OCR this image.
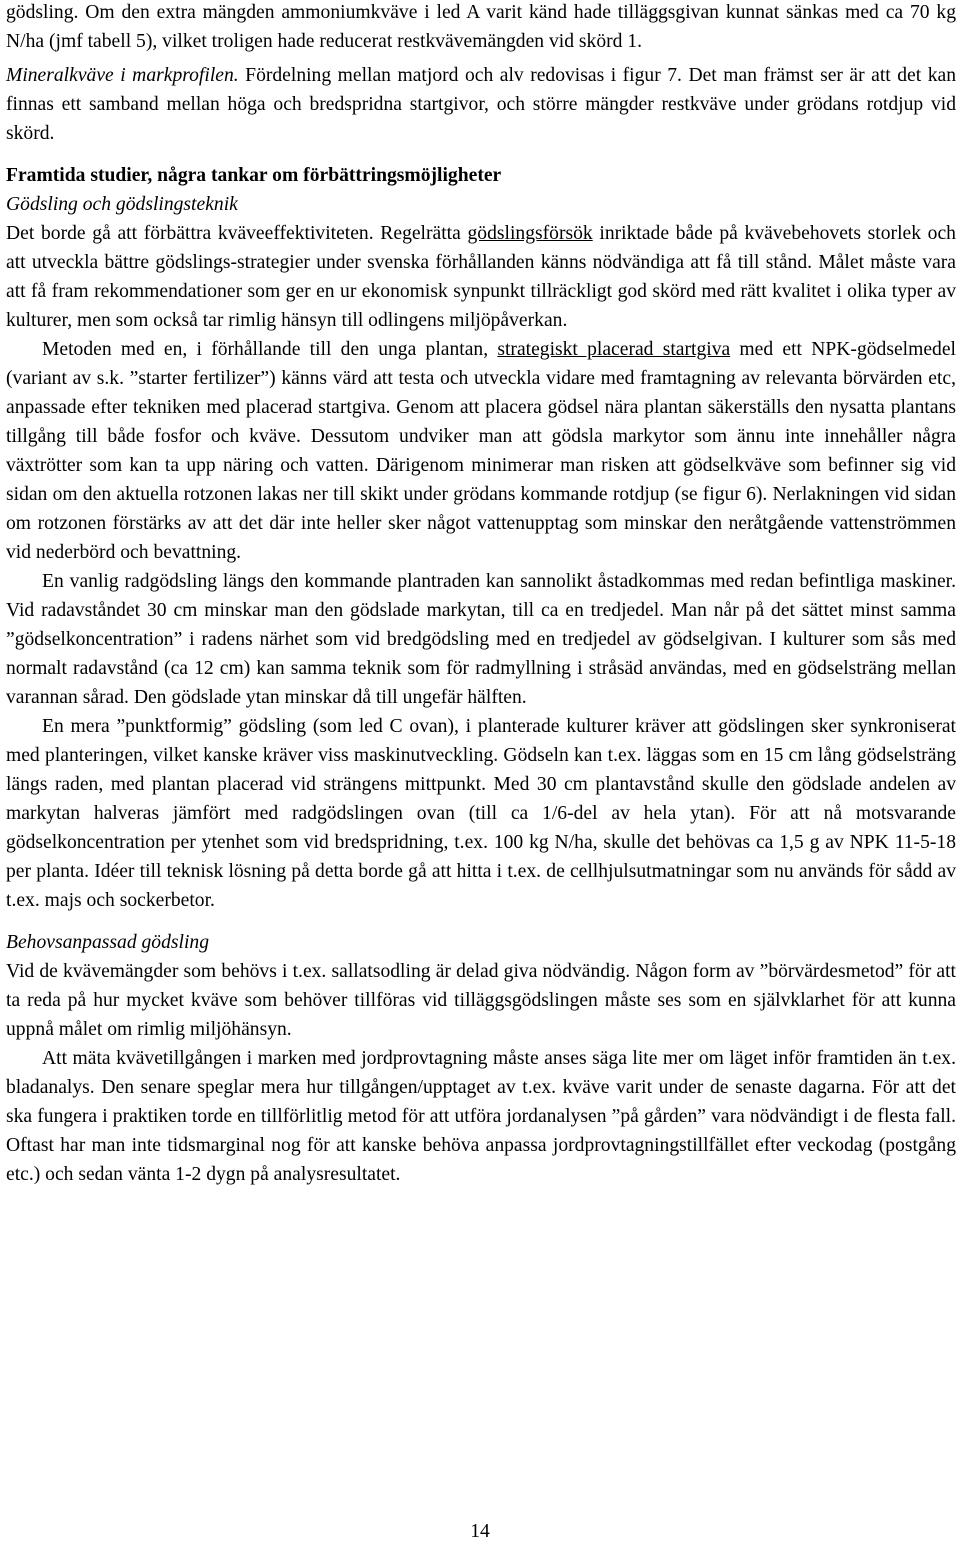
gödsling. Om den extra mängden ammoniumkväve i led A varit känd hade tilläggsgivan kunnat sänkas med ca 70 kg N/ha (jmf tabell 5), vilket troligen hade reducerat restkvävemängden vid skörd 1.

Mineralkväve i markprofilen. Fördelning mellan matjord och alv redovisas i figur 7. Det man främst ser är att det kan finnas ett samband mellan höga och bredspridna startgivor, och större mängder restkväve under grödans rotdjup vid skörd.

Framtida studier, några tankar om förbättringsmöjligheter

Gödsling och gödslingsteknik

Det borde gå att förbättra kväveeffektiviteten. Regelrätta gödslingsförsök inriktade både på kvävebehovets storlek och att utveckla bättre gödslings-strategier under svenska förhållanden känns nödvändiga att få till stånd. Målet måste vara att få fram rekommendationer som ger en ur ekonomisk synpunkt tillräckligt god skörd med rätt kvalitet i olika typer av kulturer, men som också tar rimlig hänsyn till odlingens miljöpåverkan.

Metoden med en, i förhållande till den unga plantan, strategiskt placerad startgiva med ett NPK-gödselmedel (variant av s.k. ”starter fertilizer”) känns värd att testa och utveckla vidare med framtagning av relevanta börvärden etc, anpassade efter tekniken med placerad startgiva. Genom att placera gödsel nära plantan säkerställs den nysatta plantans tillgång till både fosfor och kväve. Dessutom undviker man att gödsla markytor som ännu inte innehåller några växtrötter som kan ta upp näring och vatten. Därigenom minimerar man risken att gödselkväve som befinner sig vid sidan om den aktuella rotzonen lakas ner till skikt under grödans kommande rotdjup (se figur 6). Nerlakningen vid sidan om rotzonen förstärks av att det där inte heller sker något vattenupptag som minskar den neråtgående vattenströmmen vid nederbörd och bevattning.

En vanlig radgödsling längs den kommande plantraden kan sannolikt åstadkommas med redan befintliga maskiner. Vid radavståndet 30 cm minskar man den gödslade markytan, till ca en tredjedel. Man når på det sättet minst samma ”gödselkoncentration” i radens närhet som vid bredgödsling med en tredjedel av gödselgivan. I kulturer som sås med normalt radavstånd (ca 12 cm) kan samma teknik som för radmyllning i stråsäd användas, med en gödselsträng mellan varannan sårad. Den gödslade ytan minskar då till ungefär hälften.

En mera ”punktformig” gödsling (som led C ovan), i planterade kulturer kräver att gödslingen sker synkroniserat med planteringen, vilket kanske kräver viss maskinutveckling. Gödseln kan t.ex. läggas som en 15 cm lång gödselsträng längs raden, med plantan placerad vid strängens mittpunkt. Med 30 cm plantavstånd skulle den gödslade andelen av markytan halveras jämfört med radgödslingen ovan (till ca 1/6-del av hela ytan). För att nå motsvarande gödselkoncentration per ytenhet som vid bredspridning, t.ex. 100 kg N/ha, skulle det behövas ca 1,5 g av NPK 11-5-18 per planta. Idéer till teknisk lösning på detta borde gå att hitta i t.ex. de cellhjulsutmatningar som nu används för sådd av t.ex. majs och sockerbetor.

Behovsanpassad gödsling

Vid de kvävemängder som behövs i t.ex. sallatsodling är delad giva nödvändig. Någon form av ”börvärdesmetod” för att ta reda på hur mycket kväve som behöver tillföras vid tilläggsgödslingen måste ses som en självklarhet för att kunna uppnå målet om rimlig miljöhänsyn.

Att mäta kvävetillgången i marken med jordprovtagning måste anses säga lite mer om läget inför framtiden än t.ex. bladanalys. Den senare speglar mera hur tillgången/upptaget av t.ex. kväve varit under de senaste dagarna. För att det ska fungera i praktiken torde en tillförlitlig metod för att utföra jordanalysen ”på gården” vara nödvändigt i de flesta fall. Oftast har man inte tidsmarginal nog för att kanske behöva anpassa jordprovtagningstillfället efter veckodag (postgång etc.) och sedan vänta 1-2 dygn på analysresultatet.

14
